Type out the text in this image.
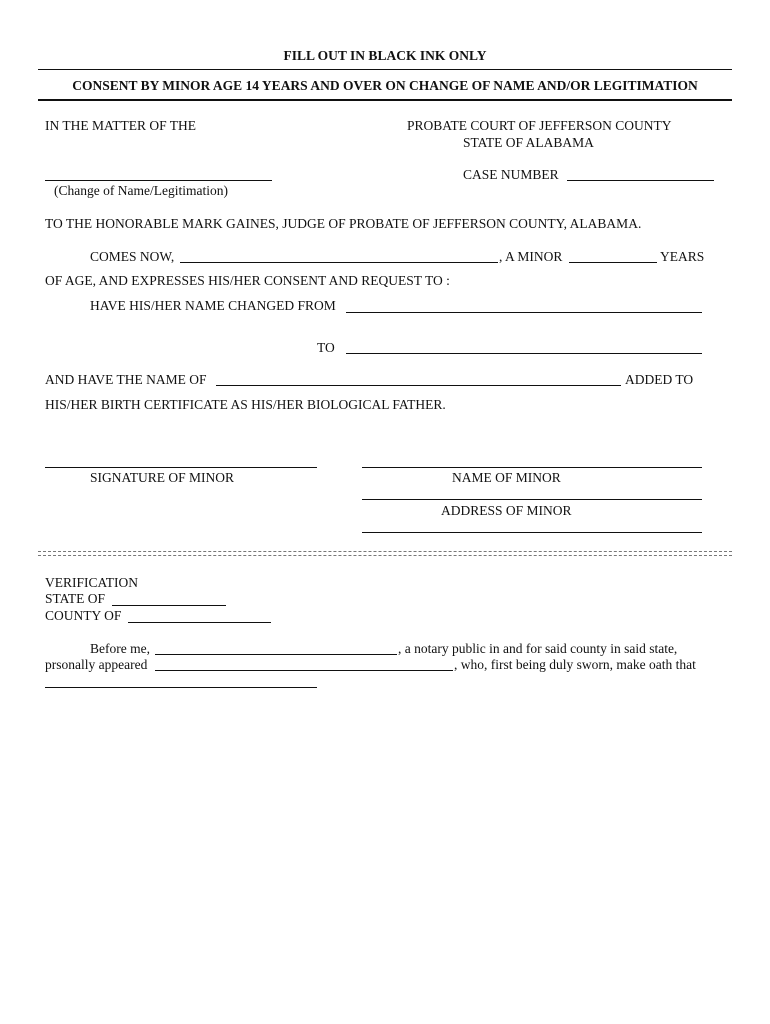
FILL OUT IN BLACK INK ONLY
CONSENT BY MINOR AGE 14 YEARS AND OVER ON CHANGE OF NAME AND/OR LEGITIMATION
IN THE MATTER OF THE	PROBATE COURT OF JEFFERSON COUNTY
STATE OF ALABAMA
(Change of Name/Legitimation)
CASE NUMBER
TO THE HONORABLE MARK GAINES, JUDGE OF PROBATE OF JEFFERSON COUNTY, ALABAMA.
COMES NOW,	, A MINOR	YEARS
OF AGE, AND EXPRESSES HIS/HER CONSENT AND REQUEST TO :
HAVE HIS/HER NAME CHANGED FROM
TO
AND HAVE THE NAME OF	ADDED TO
HIS/HER BIRTH CERTIFICATE AS HIS/HER BIOLOGICAL FATHER.
SIGNATURE OF MINOR	NAME OF MINOR
ADDRESS OF MINOR
VERIFICATION
STATE OF
COUNTY OF
Before me,	, a notary public in and for said county in said state,
prsonally appeared	, who, first being duly sworn, make oath that
